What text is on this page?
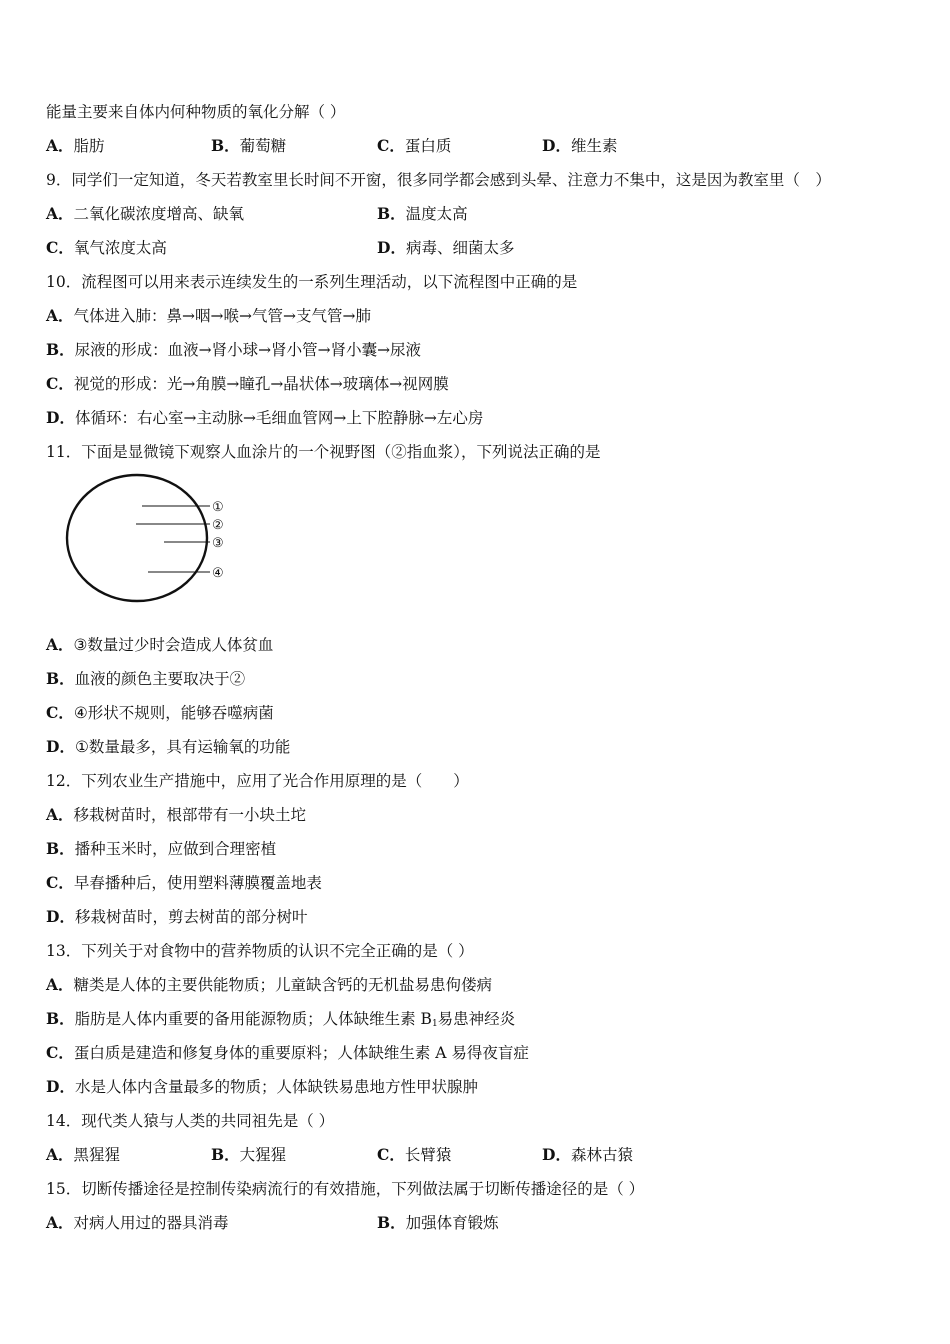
能量主要来自体内何种物质的氧化分解（ ）
A．脂肪	B．葡萄糖	C．蛋白质	D．维生素
9．同学们一定知道，冬天若教室里长时间不开窗，很多同学都会感到头晕、注意力不集中，这是因为教室里（　）
A．二氧化碳浓度增高、缺氧	B．温度太高
C．氧气浓度太高	D．病毒、细菌太多
10．流程图可以用来表示连续发生的一系列生理活动，以下流程图中正确的是
A．气体进入肺：鼻→咽→喉→气管→支气管→肺
B．尿液的形成：血液→肾小球→肾小管→肾小囊→尿液
C．视觉的形成：光→角膜→瞳孔→晶状体→玻璃体→视网膜
D．体循环：右心室→主动脉→毛细血管网→上下腔静脉→左心房
11．下面是显微镜下观察人血涂片的一个视野图（②指血浆），下列说法正确的是
①
②
③
④
A．③数量过少时会造成人体贫血
B．血液的颜色主要取决于②
C．④形状不规则，能够吞噬病菌
D．①数量最多，具有运输氧的功能
12．下列农业生产措施中，应用了光合作用原理的是（　　）
A．移栽树苗时，根部带有一小块土坨
B．播种玉米时，应做到合理密植
C．早春播种后，使用塑料薄膜覆盖地表
D．移栽树苗时，剪去树苗的部分树叶
13．下列关于对食物中的营养物质的认识不完全正确的是（ ）
A．糖类是人体的主要供能物质；儿童缺含钙的无机盐易患佝偻病
B．脂肪是人体内重要的备用能源物质；人体缺维生素 $B_1$易患神经炎
C．蛋白质是建造和修复身体的重要原料；人体缺维生素 A 易得夜盲症
D．水是人体内含量最多的物质；人体缺铁易患地方性甲状腺肿
14．现代类人猿与人类的共同祖先是（ ）
A．黑猩猩	B．大猩猩	C．长臂猿	D．森林古猿
15．切断传播途径是控制传染病流行的有效措施，下列做法属于切断传播途径的是（ ）
A．对病人用过的器具消毒	B．加强体育锻炼
